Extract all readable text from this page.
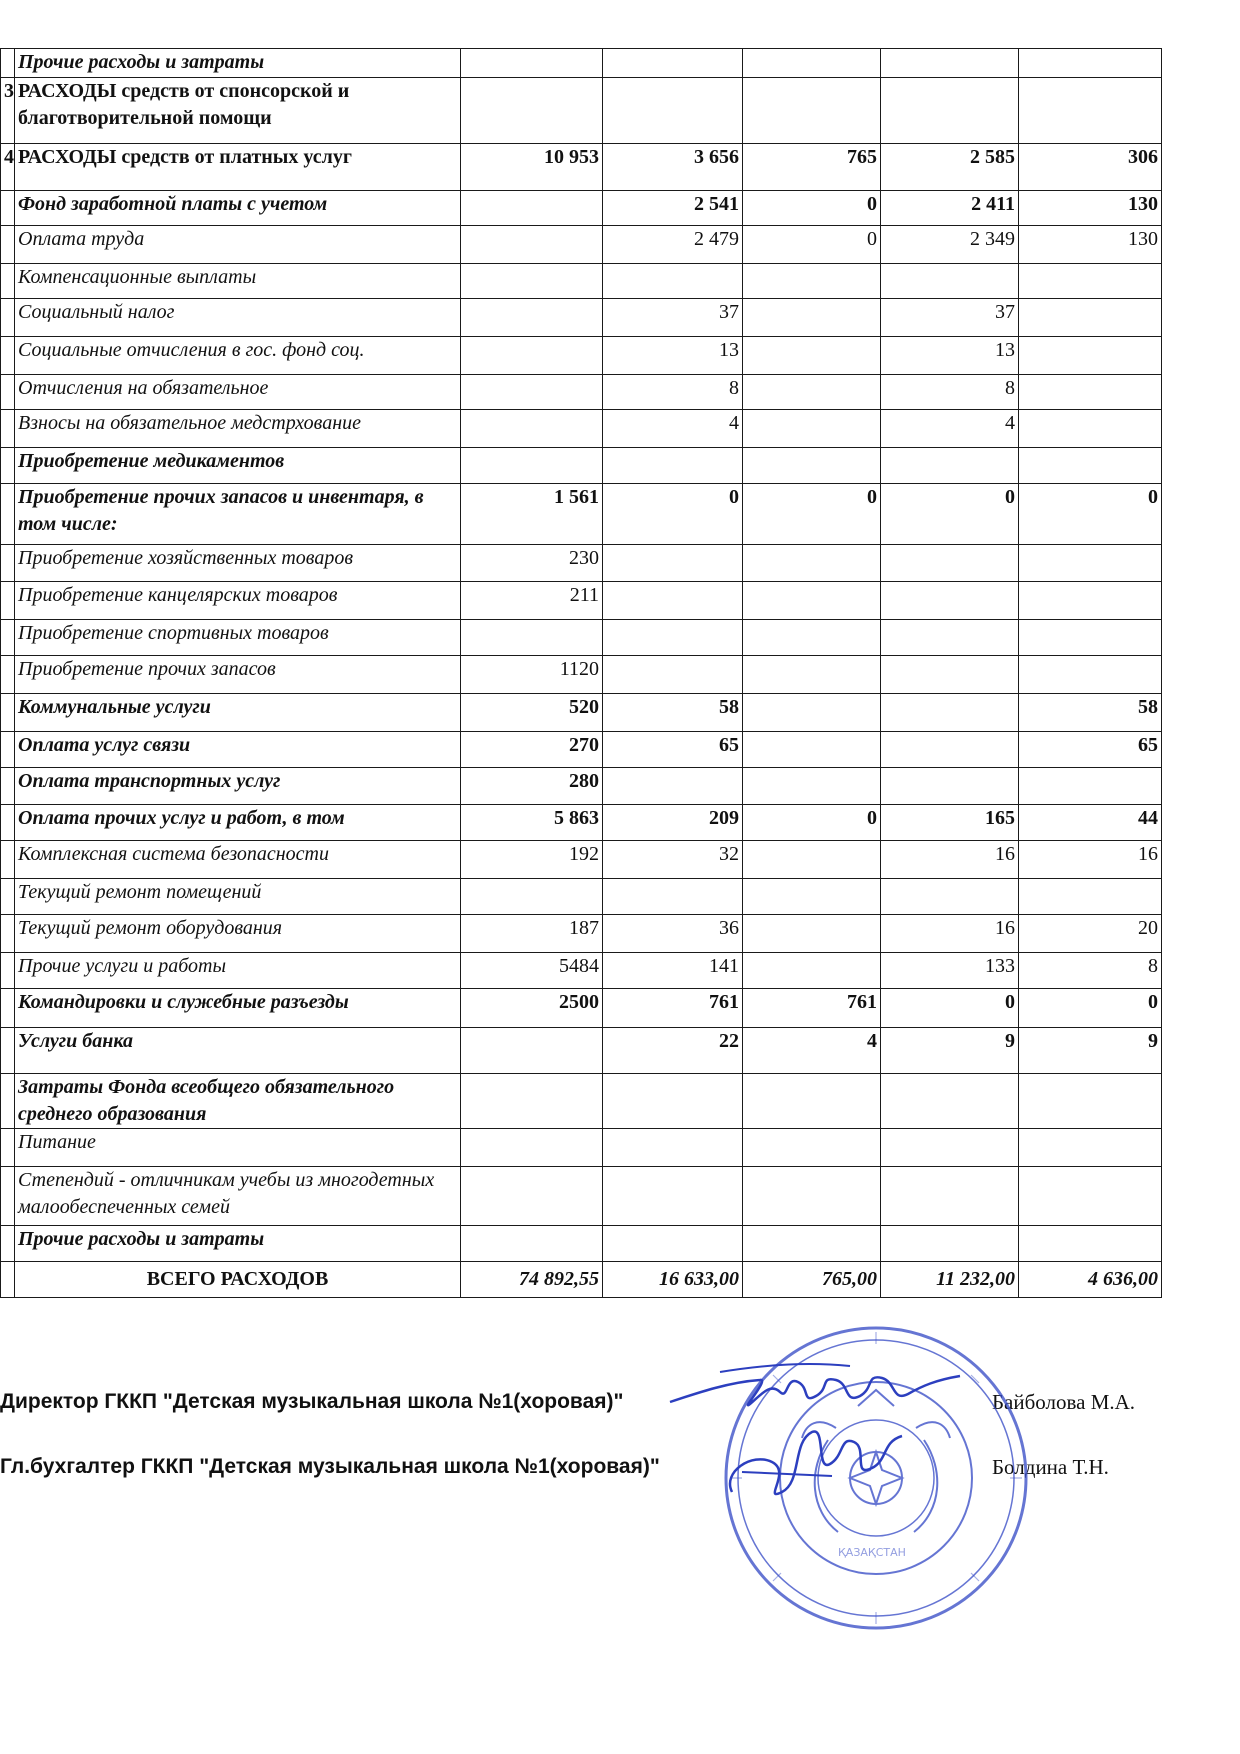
	Прочие расходы и затраты					
3	РАСХОДЫ средств от спонсорской и благотворительной помощи					
4	РАСХОДЫ средств от платных услуг	10 953	3 656	765	2 585	306
	Фонд заработной платы с учетом		2 541	0	2 411	130
	Оплата труда		2 479	0	2 349	130
	Компенсационные выплаты					
	Социальный налог		37		37	
	Социальные отчисления в гос. фонд соц.		13		13	
	Отчисления на обязательное		8		8	
	Взносы на обязательное медстрхование		4		4	
	Приобретение медикаментов					
	Приобретение прочих запасов и инвентаря, в том числе:	1 561	0	0	0	0
	Приобретение хозяйственных товаров	230				
	Приобретение канцелярских товаров	211				
	Приобретение спортивных товаров					
	Приобретение прочих запасов	1120				
	Коммунальные услуги	520	58			58
	Оплата услуг связи	270	65			65
	Оплата транспортных услуг	280				
	Оплата прочих услуг и работ, в том	5 863	209	0	165	44
	Комплексная система безопасности	192	32		16	16
	Текущий ремонт помещений					
	Текущий ремонт оборудования	187	36		16	20
	Прочие услуги и работы	5484	141		133	8
	Командировки и служебные разъезды	2500	761	761	0	0
	Услуги банка		22	4	9	9
	Затраты Фонда всеобщего обязательного среднего образования					
	Питание					
	Степендий - отличникам учебы из многодетных малообеспеченных семей					
	Прочие расходы и затраты					
	ВСЕГО РАСХОДОВ	74 892,55	16 633,00	765,00	11 232,00	4 636,00
Директор ГККП "Детская музыкальная школа №1(хоровая)"	Байболова М.А.
Гл.бухгалтер ГККП "Детская музыкальная школа №1(хоровая)"	Болдина Т.Н.
ҚАЗАҚСТАН
